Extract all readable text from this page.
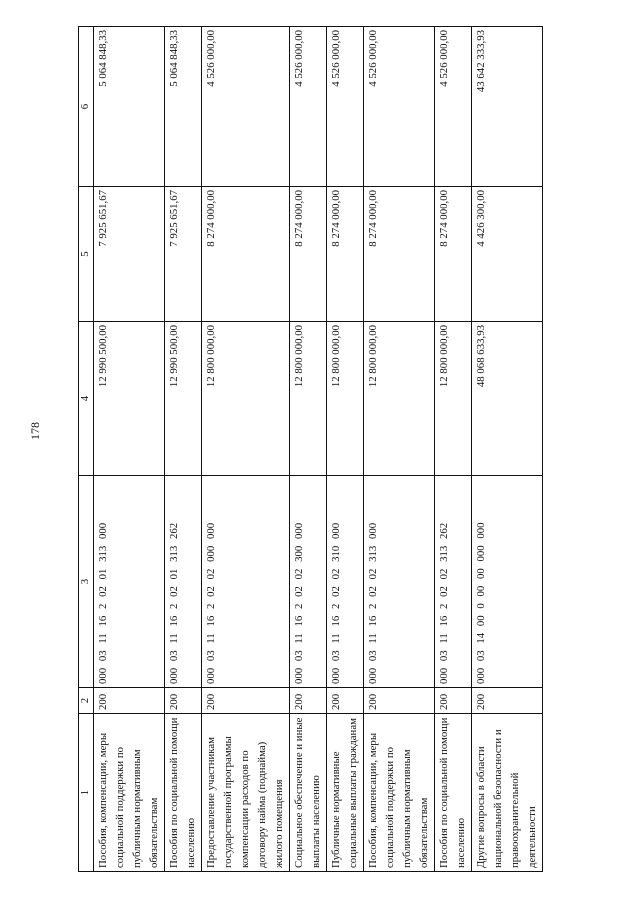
178
1	2	3	4	5	6
Пособия, компенсации, меры социальной поддержки по публичным нормативным обязательствам	200	000 03 11 16 2 02 01 313 000	12 990 500,00	7 925 651,67	5 064 848,33
Пособия по социальной помощи населению	200	000 03 11 16 2 02 01 313 262	12 990 500,00	7 925 651,67	5 064 848,33
Предоставление участникам государственной программы компенсации расходов по договору найма (поднайма) жилого помещения	200	000 03 11 16 2 02 02 000 000	12 800 000,00	8 274 000,00	4 526 000,00
Социальное обеспечение и иные выплаты населению	200	000 03 11 16 2 02 02 300 000	12 800 000,00	8 274 000,00	4 526 000,00
Публичные нормативные социальные выплаты гражданам	200	000 03 11 16 2 02 02 310 000	12 800 000,00	8 274 000,00	4 526 000,00
Пособия, компенсации, меры социальной поддержки по публичным нормативным обязательствам	200	000 03 11 16 2 02 02 313 000	12 800 000,00	8 274 000,00	4 526 000,00
Пособия по социальной помощи населению	200	000 03 11 16 2 02 02 313 262	12 800 000,00	8 274 000,00	4 526 000,00
Другие вопросы в области национальной безопасности и правоохранительной деятельности	200	000 03 14 00 0 00 00 000 000	48 068 633,93	4 426 300,00	43 642 333,93
